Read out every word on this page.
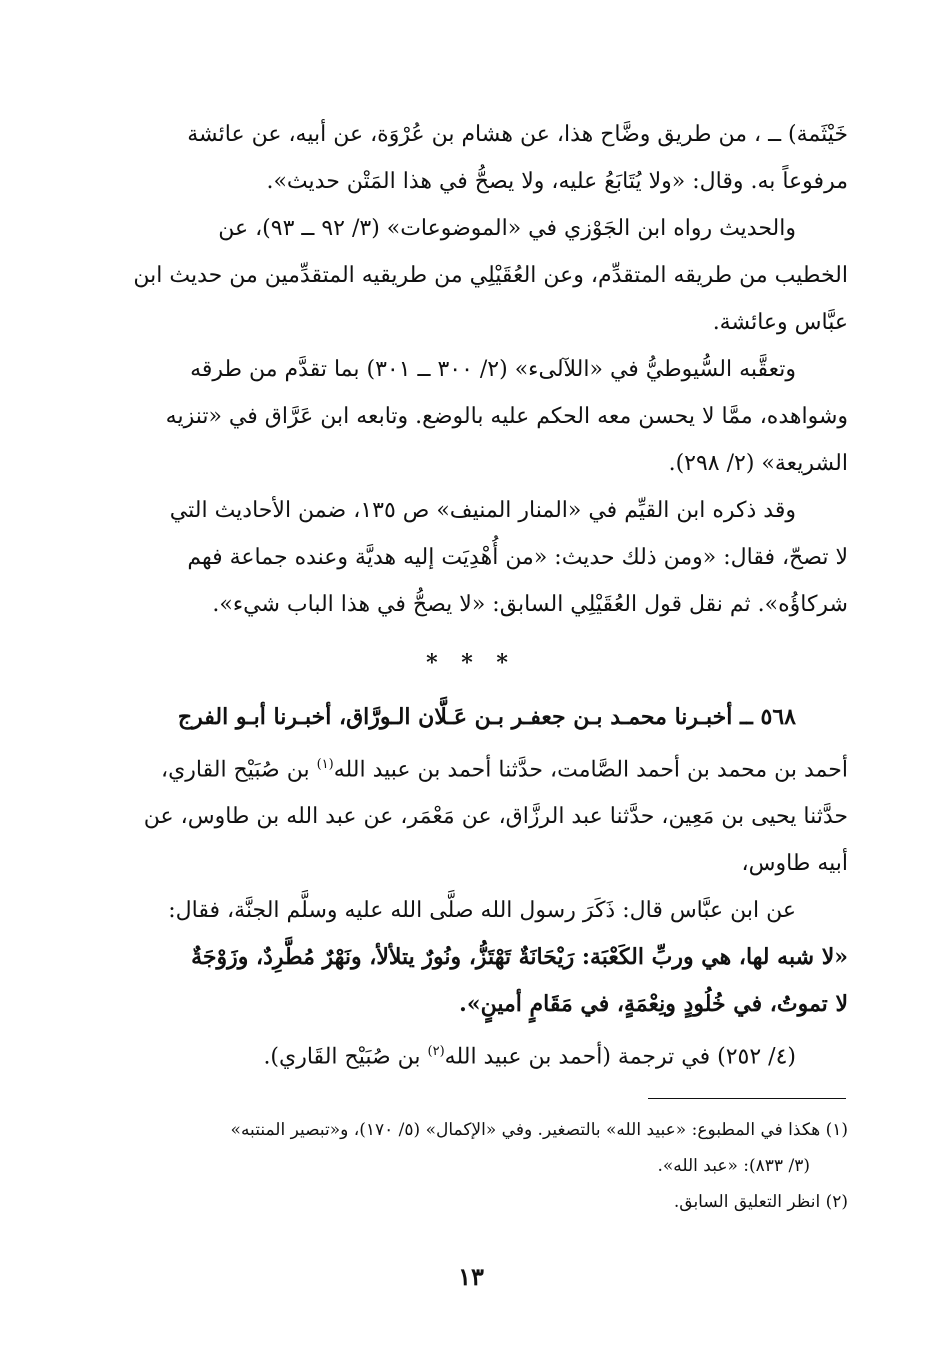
خَيْثَمة) ــ ، من طريق وضَّاح هذا، عن هشام بن عُرْوَة، عن أبيه، عن عائشة
مرفوعاً به. وقال: «ولا يُتَابَعُ عليه، ولا يصحُّ في هذا المَتْن حديث».

والحديث رواه ابن الجَوْزي في «الموضوعات» (٣/ ٩٢ ــ ٩٣)، عن
الخطيب من طريقه المتقدِّم، وعن العُقَيْلِي من طريقيه المتقدِّمين من حديث ابن
عبَّاس وعائشة.

وتعقَّبه السُّيوطيُّ في «اللآلىء» (٢/ ٣٠٠ ــ ٣٠١) بما تقدَّم من طرقه
وشواهده، ممَّا لا يحسن معه الحكم عليه بالوضع. وتابعه ابن عَرَّاق في «تنزيه
الشريعة» (٢/ ٢٩٨).

وقد ذكره ابن القيِّم في «المنار المنيف» ص ١٣٥، ضمن الأحاديث التي
لا تصحّ، فقال: «ومن ذلك حديث: «من أُهْدِيَت إليه هديَّة وعنده جماعة فهم
شركاؤُه». ثم نقل قول العُقَيْلِي السابق: «لا يصحُّ في هذا الباب شيء».

* * *

٥٦٨ ــ أخبـرنا محمـد بـن جعفـر بـن عَـلَّان الـورَّاق، أخبـرنا أبـو الفرج
أحمد بن محمد بن أحمد الصَّامت، حدَّثنا أحمد بن عبيد الله$^{(١)}$ بن صُبَيْح القاري،
حدَّثنا يحيى بن مَعِين، حدَّثنا عبد الرزَّاق، عن مَعْمَر، عن عبد الله بن طاوس، عن
أبيه طاوس،

عن ابن عبَّاس قال: ذَكَرَ رسول الله صلَّى الله عليه وسلَّم الجنَّة، فقال:
«لا شبه لها، هي وربِّ الكَعْبَة: رَيْحَانَةٌ تَهْتَزُّ، ونُورٌ يتلألأ، ونَهْرٌ مُطَّرِدٌ، وزَوْجَةٌ
لا تموتُ، في خُلُودٍ ونِعْمَةٍ، في مَقَامٍ أمينٍ».

(٤/ ٢٥٢) في ترجمة (أحمد بن عبيد الله$^{(٢)}$ بن صُبَيْح القَاري).

(١) هكذا في المطبوع: «عبيد الله» بالتصغير. وفي «الإكمال» (٥/ ١٧٠)، و«تبصير المنتبه»

(٣/ ٨٣٣): «عبد الله».

(٢) انظر التعليق السابق.

١٣
